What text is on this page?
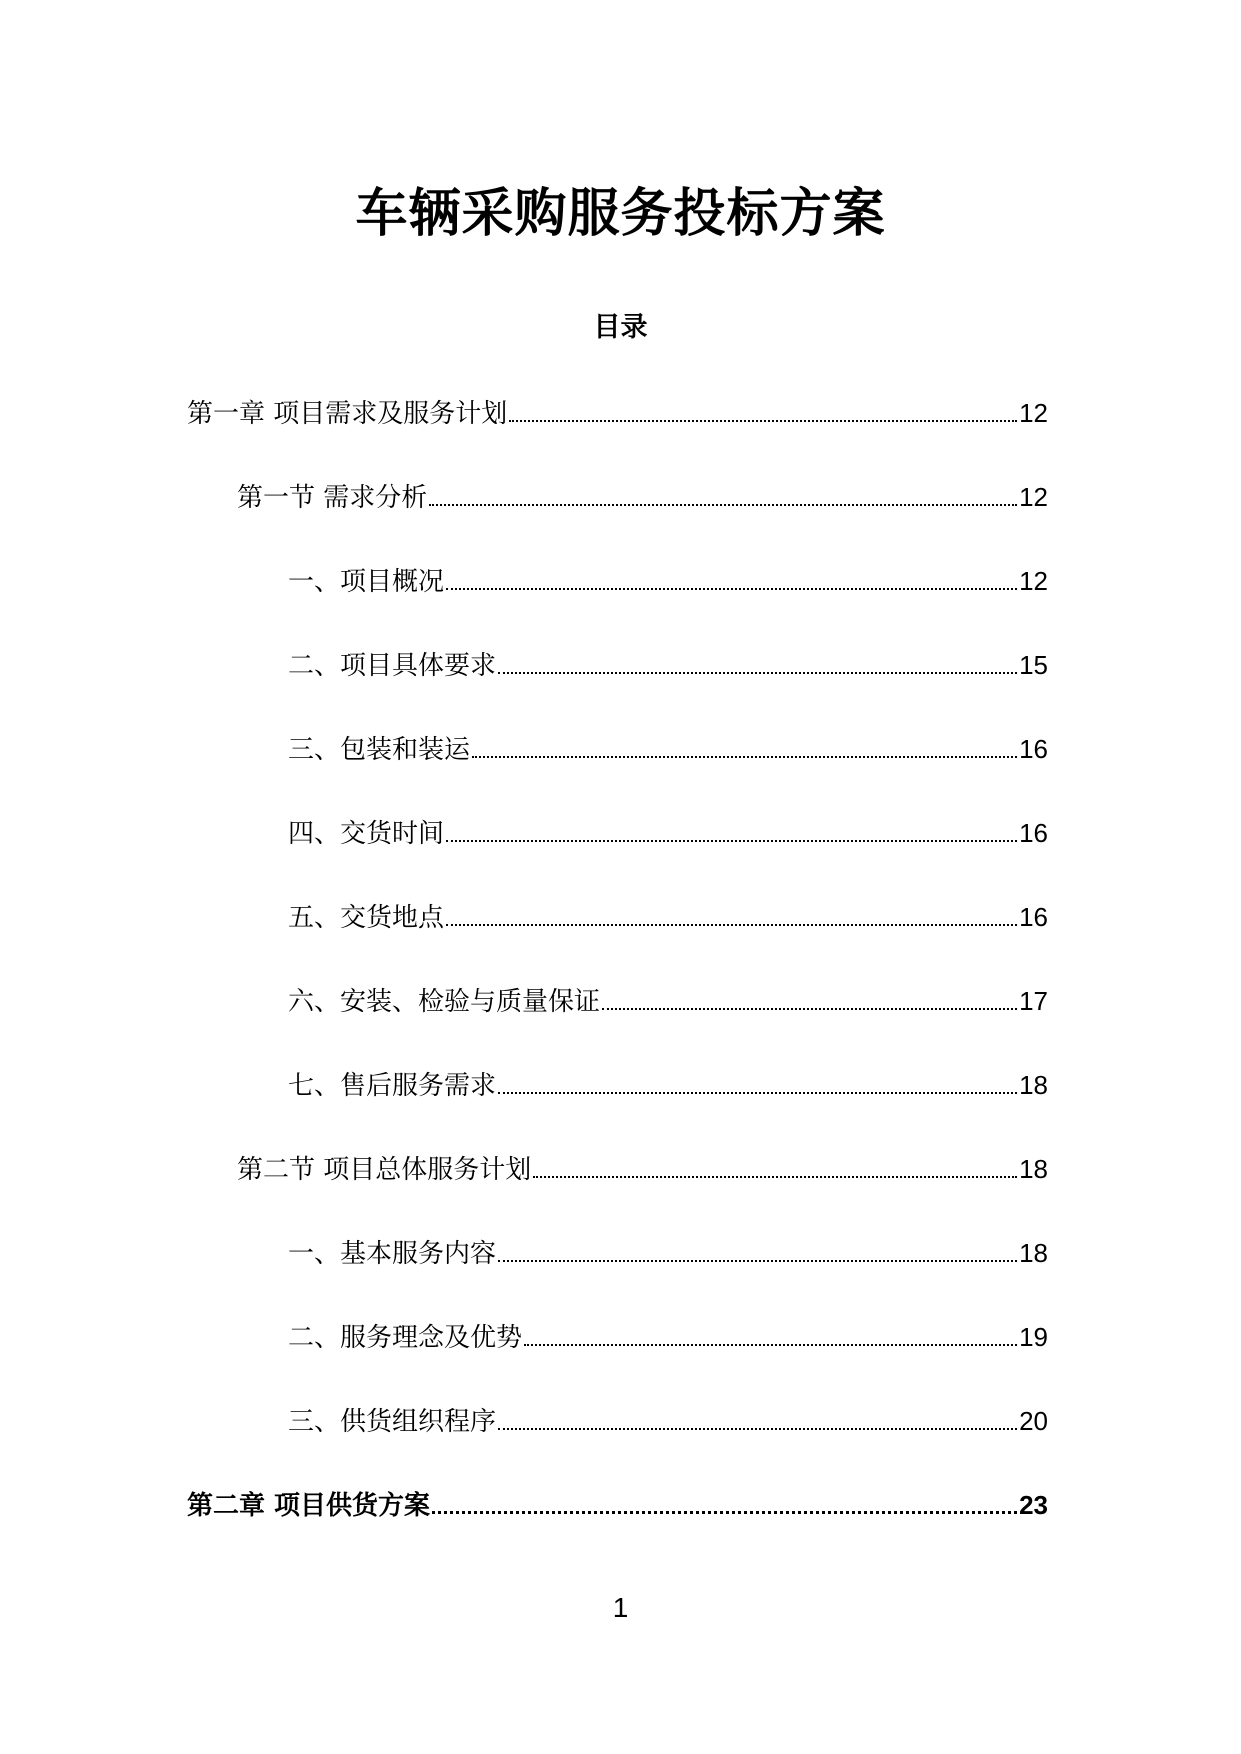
车辆采购服务投标方案
目录
第一章 项目需求及服务计划	12
第一节 需求分析	12
一、项目概况	12
二、项目具体要求	15
三、包装和装运	16
四、交货时间	16
五、交货地点	16
六、安装、检验与质量保证	17
七、售后服务需求	18
第二节 项目总体服务计划	18
一、基本服务内容	18
二、服务理念及优势	19
三、供货组织程序	20
第二章 项目供货方案	23
1
